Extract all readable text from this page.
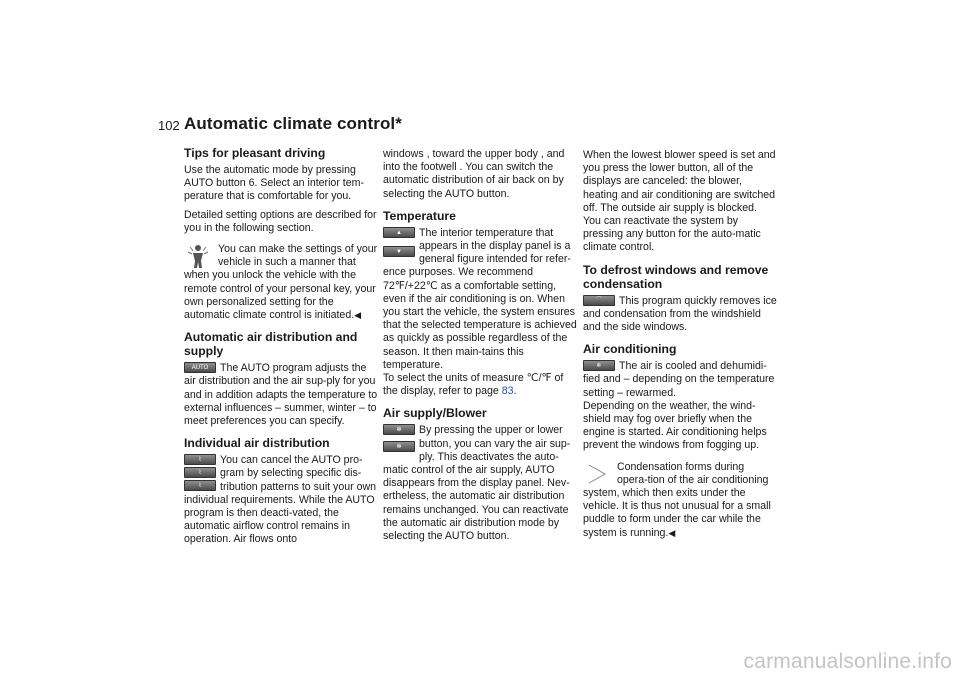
102 Automatic climate control*
Tips for pleasant driving

Use the automatic mode by pressing AUTO button 6. Select an interior tem-perature that is comfortable for you.

Detailed setting options are described for you in the following section.

You can make the settings of your vehicle in such a manner that when you unlock the vehicle with the remote control of your personal key, your own personalized setting for the automatic climate control is initiated.◀
Automatic air distribution and supply
AUTO	The AUTO program adjusts the air distribution and the air sup-ply for you and in addition adapts the temperature to external influences – summer, winter – to meet preferences you can specify.
Individual air distribution
⌇
⌇
⌇
You can cancel the AUTO pro-gram by selecting specific dis-tribution patterns to suit your own individual requirements. While the AUTO program is then deacti-vated, the automatic airflow control remains in operation. Air flows onto

windows , toward the upper body , and into the footwell . You can switch the automatic distribution of air back on by selecting the AUTO button.

Temperature
▲
▼
The interior temperature that appears in the display panel is a general figure intended for refer-ence purposes. We recommend 72℉/+22℃ as a comfortable setting, even if the air conditioning is on. When you start the vehicle, the system ensures that the selected temperature is achieved as quickly as possible regardless of the season. It then main-tains this temperature.

To select the units of measure ℃/℉ of the display, refer to page 83.

Air supply/Blower
✻
✻
By pressing the upper or lower button, you can vary the air sup-ply. This deactivates the auto-matic control of the air supply, AUTO disappears from the display panel. Nev-ertheless, the automatic air distribution remains unchanged. You can reactivate the automatic air distribution mode by selecting the AUTO button.

When the lowest blower speed is set and you press the lower button, all of the displays are canceled: the blower, heating and air conditioning are switched off. The outside air supply is blocked. You can reactivate the system by pressing any button for the auto-matic climate control.

To defrost windows and remove condensation
⌒	This program quickly removes ice and condensation from the windshield and the side windows.
Air conditioning
❄	The air is cooled and dehumidi-fied and – depending on the temperature setting – rewarmed.

Depending on the weather, the wind-shield may fog over briefly when the engine is started. Air conditioning helps prevent the windows from fogging up.

Condensation forms during opera-tion of the air conditioning system, which then exits under the vehicle. It is thus not unusual for a small puddle to form under the car while the system is running.◀
carmanualsonline.info
